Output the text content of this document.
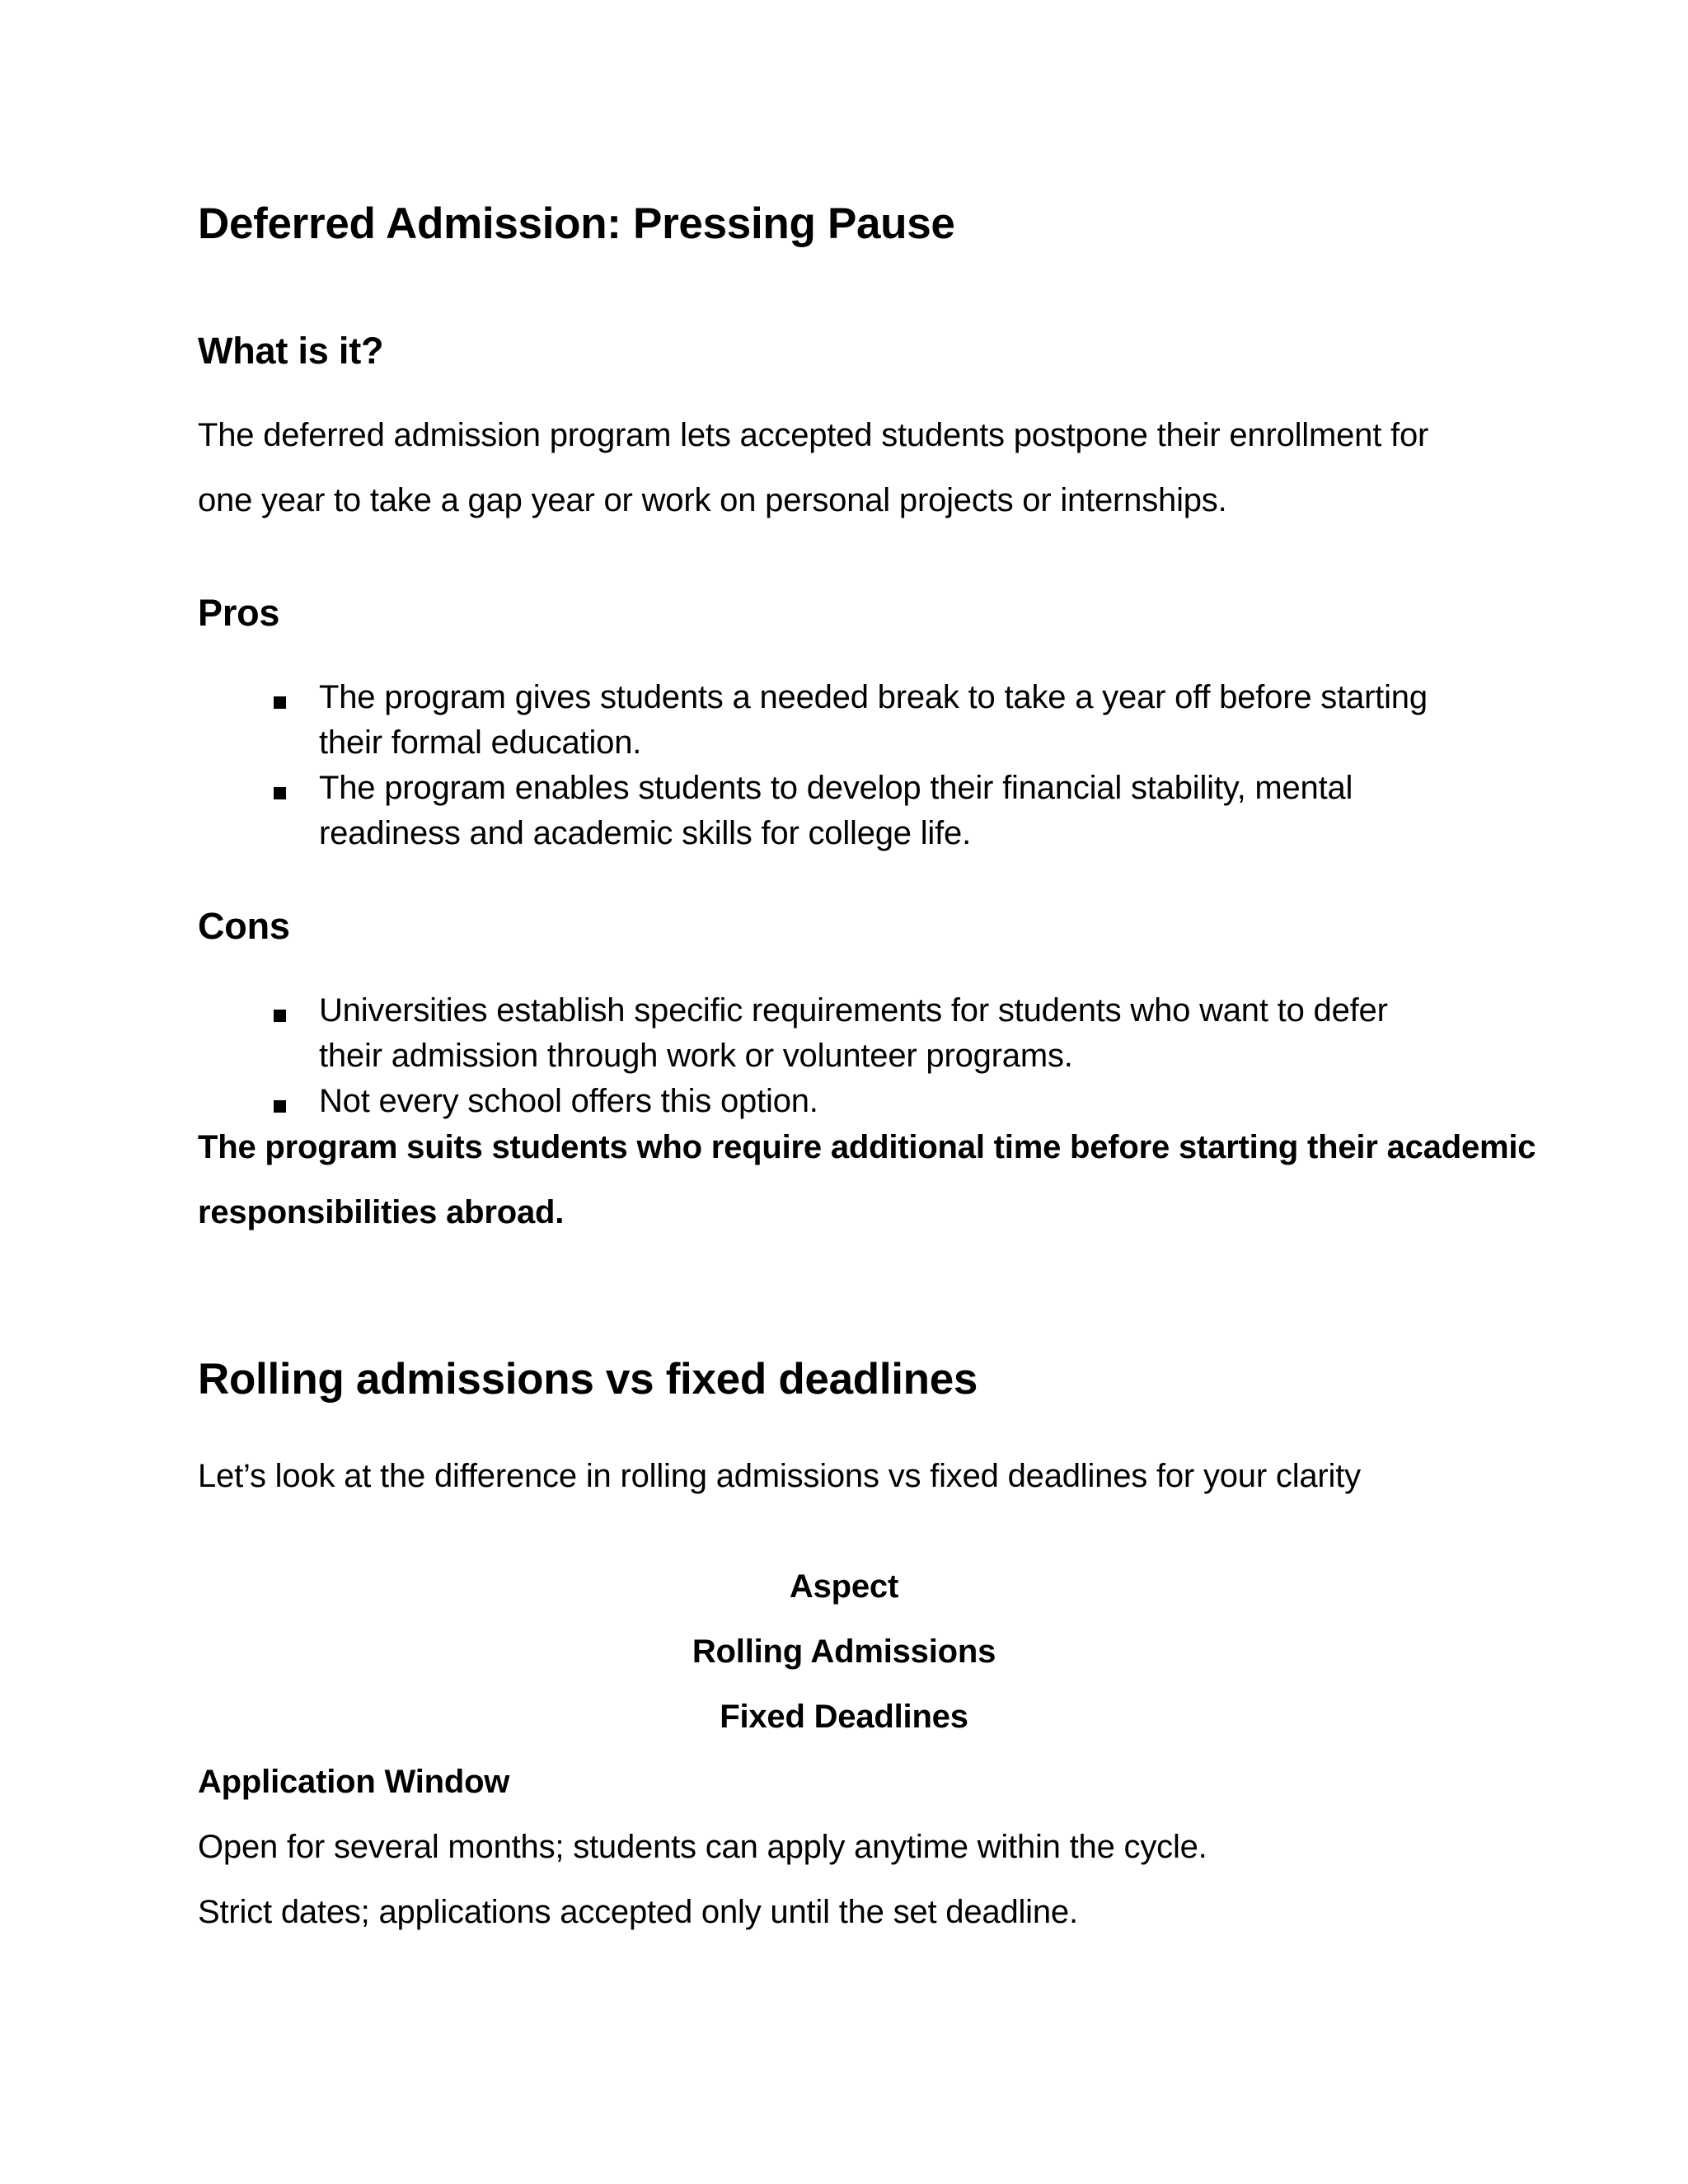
Deferred Admission: Pressing Pause
What is it?

The deferred admission program lets accepted students postpone their enrollment for

one year to take a gap year or work on personal projects or internships.

Pros

The program gives students a needed break to take a year off before starting

their formal education.

The program enables students to develop their financial stability, mental

readiness and academic skills for college life.

Cons

Universities establish specific requirements for students who want to defer

their admission through work or volunteer programs.

Not every school offers this option.

The program suits students who require additional time before starting their academic

responsibilities abroad.

Rolling admissions vs fixed deadlines

Let’s look at the difference in rolling admissions vs fixed deadlines for your clarity

Aspect
Rolling Admissions
Fixed Deadlines

Application Window

Open for several months; students can apply anytime within the cycle.

Strict dates; applications accepted only until the set deadline.
